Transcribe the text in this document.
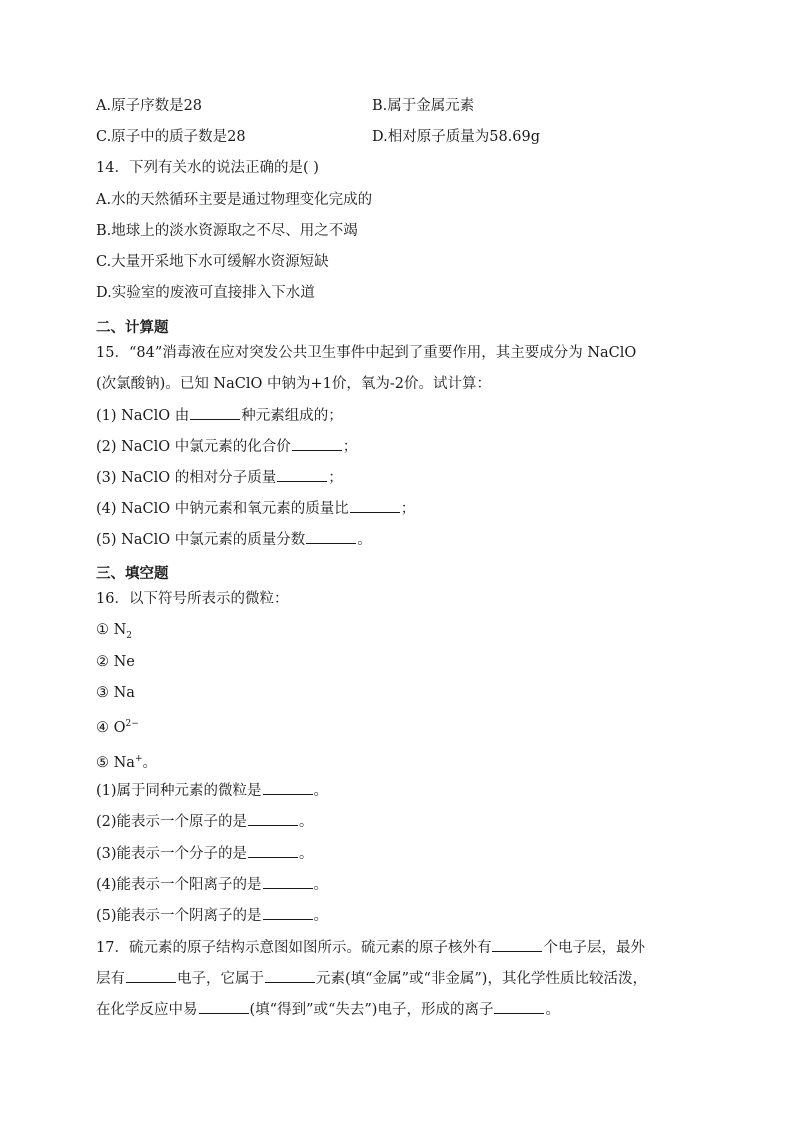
A.原子序数是28	B.属于金属元素
C.原子中的质子数是28	D.相对原子质量为58.69g
14．下列有关水的说法正确的是( )
A.水的天然循环主要是通过物理变化完成的
B.地球上的淡水资源取之不尽、用之不竭
C.大量开采地下水可缓解水资源短缺
D.实验室的废液可直接排入下水道
二、计算题
15．“84”消毒液在应对突发公共卫生事件中起到了重要作用，其主要成分为 NaClO
(次氯酸钠)。已知 NaClO 中钠为+1价，氧为-2价。试计算：
(1) NaClO 由	种元素组成的；
(2) NaClO 中氯元素的化合价	；
(3) NaClO 的相对分子质量	；
(4) NaClO 中钠元素和氧元素的质量比	；
(5) NaClO 中氯元素的质量分数	。
三、填空题
16．以下符号所表示的微粒：
① $N_2$
② Ne
③ Na
④ $O^{2-}$
⑤ Na+。
(1)属于同种元素的微粒是	。
(2)能表示一个原子的是	。
(3)能表示一个分子的是	。
(4)能表示一个阳离子的是	。
(5)能表示一个阴离子的是	。
17．硫元素的原子结构示意图如图所示。硫元素的原子核外有	个电子层，最外
层有	电子，它属于	元素(填“金属”或“非金属”)，其化学性质比较活泼，
在化学反应中易	(填“得到”或“失去”)电子，形成的离子	。
